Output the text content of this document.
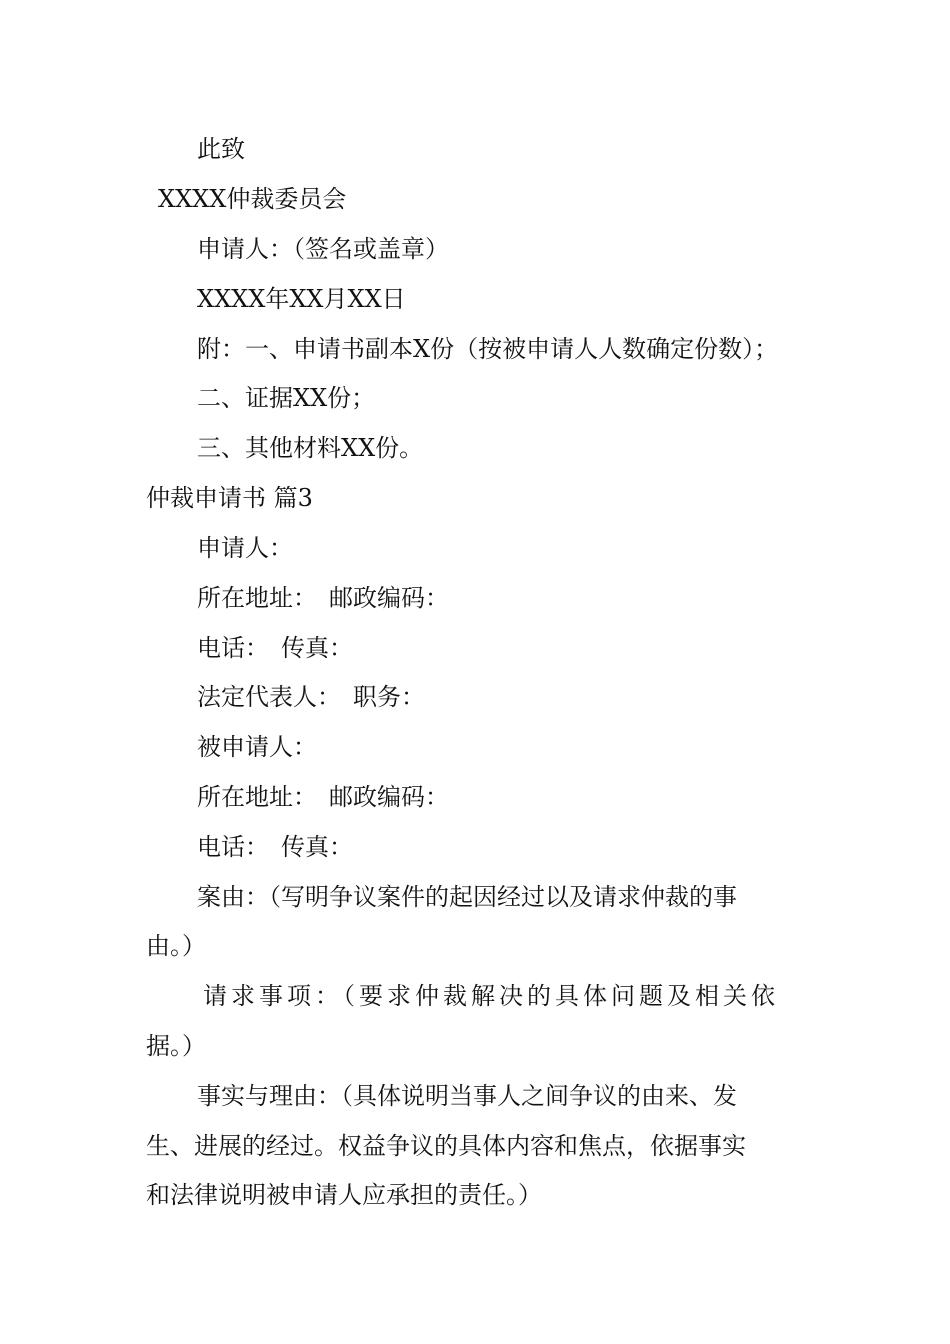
此致

XXXX仲裁委员会

申请人：（签名或盖章）

XXXX年XX月XX日

附：一、申请书副本X份（按被申请人人数确定份数）；

二、证据XX份；

三、其他材料XX份。

仲裁申请书 篇3

申请人：

所在地址：　邮政编码：

电话：　传真：

法定代表人：　职务：

被申请人：

所在地址：　邮政编码：

电话：　传真：

案由：（写明争议案件的起因经过以及请求仲裁的事

由。）

请求事项：（要求仲裁解决的具体问题及相关依

据。）

事实与理由：（具体说明当事人之间争议的由来、发

生、进展的经过。权益争议的具体内容和焦点，依据事实

和法律说明被申请人应承担的责任。）
